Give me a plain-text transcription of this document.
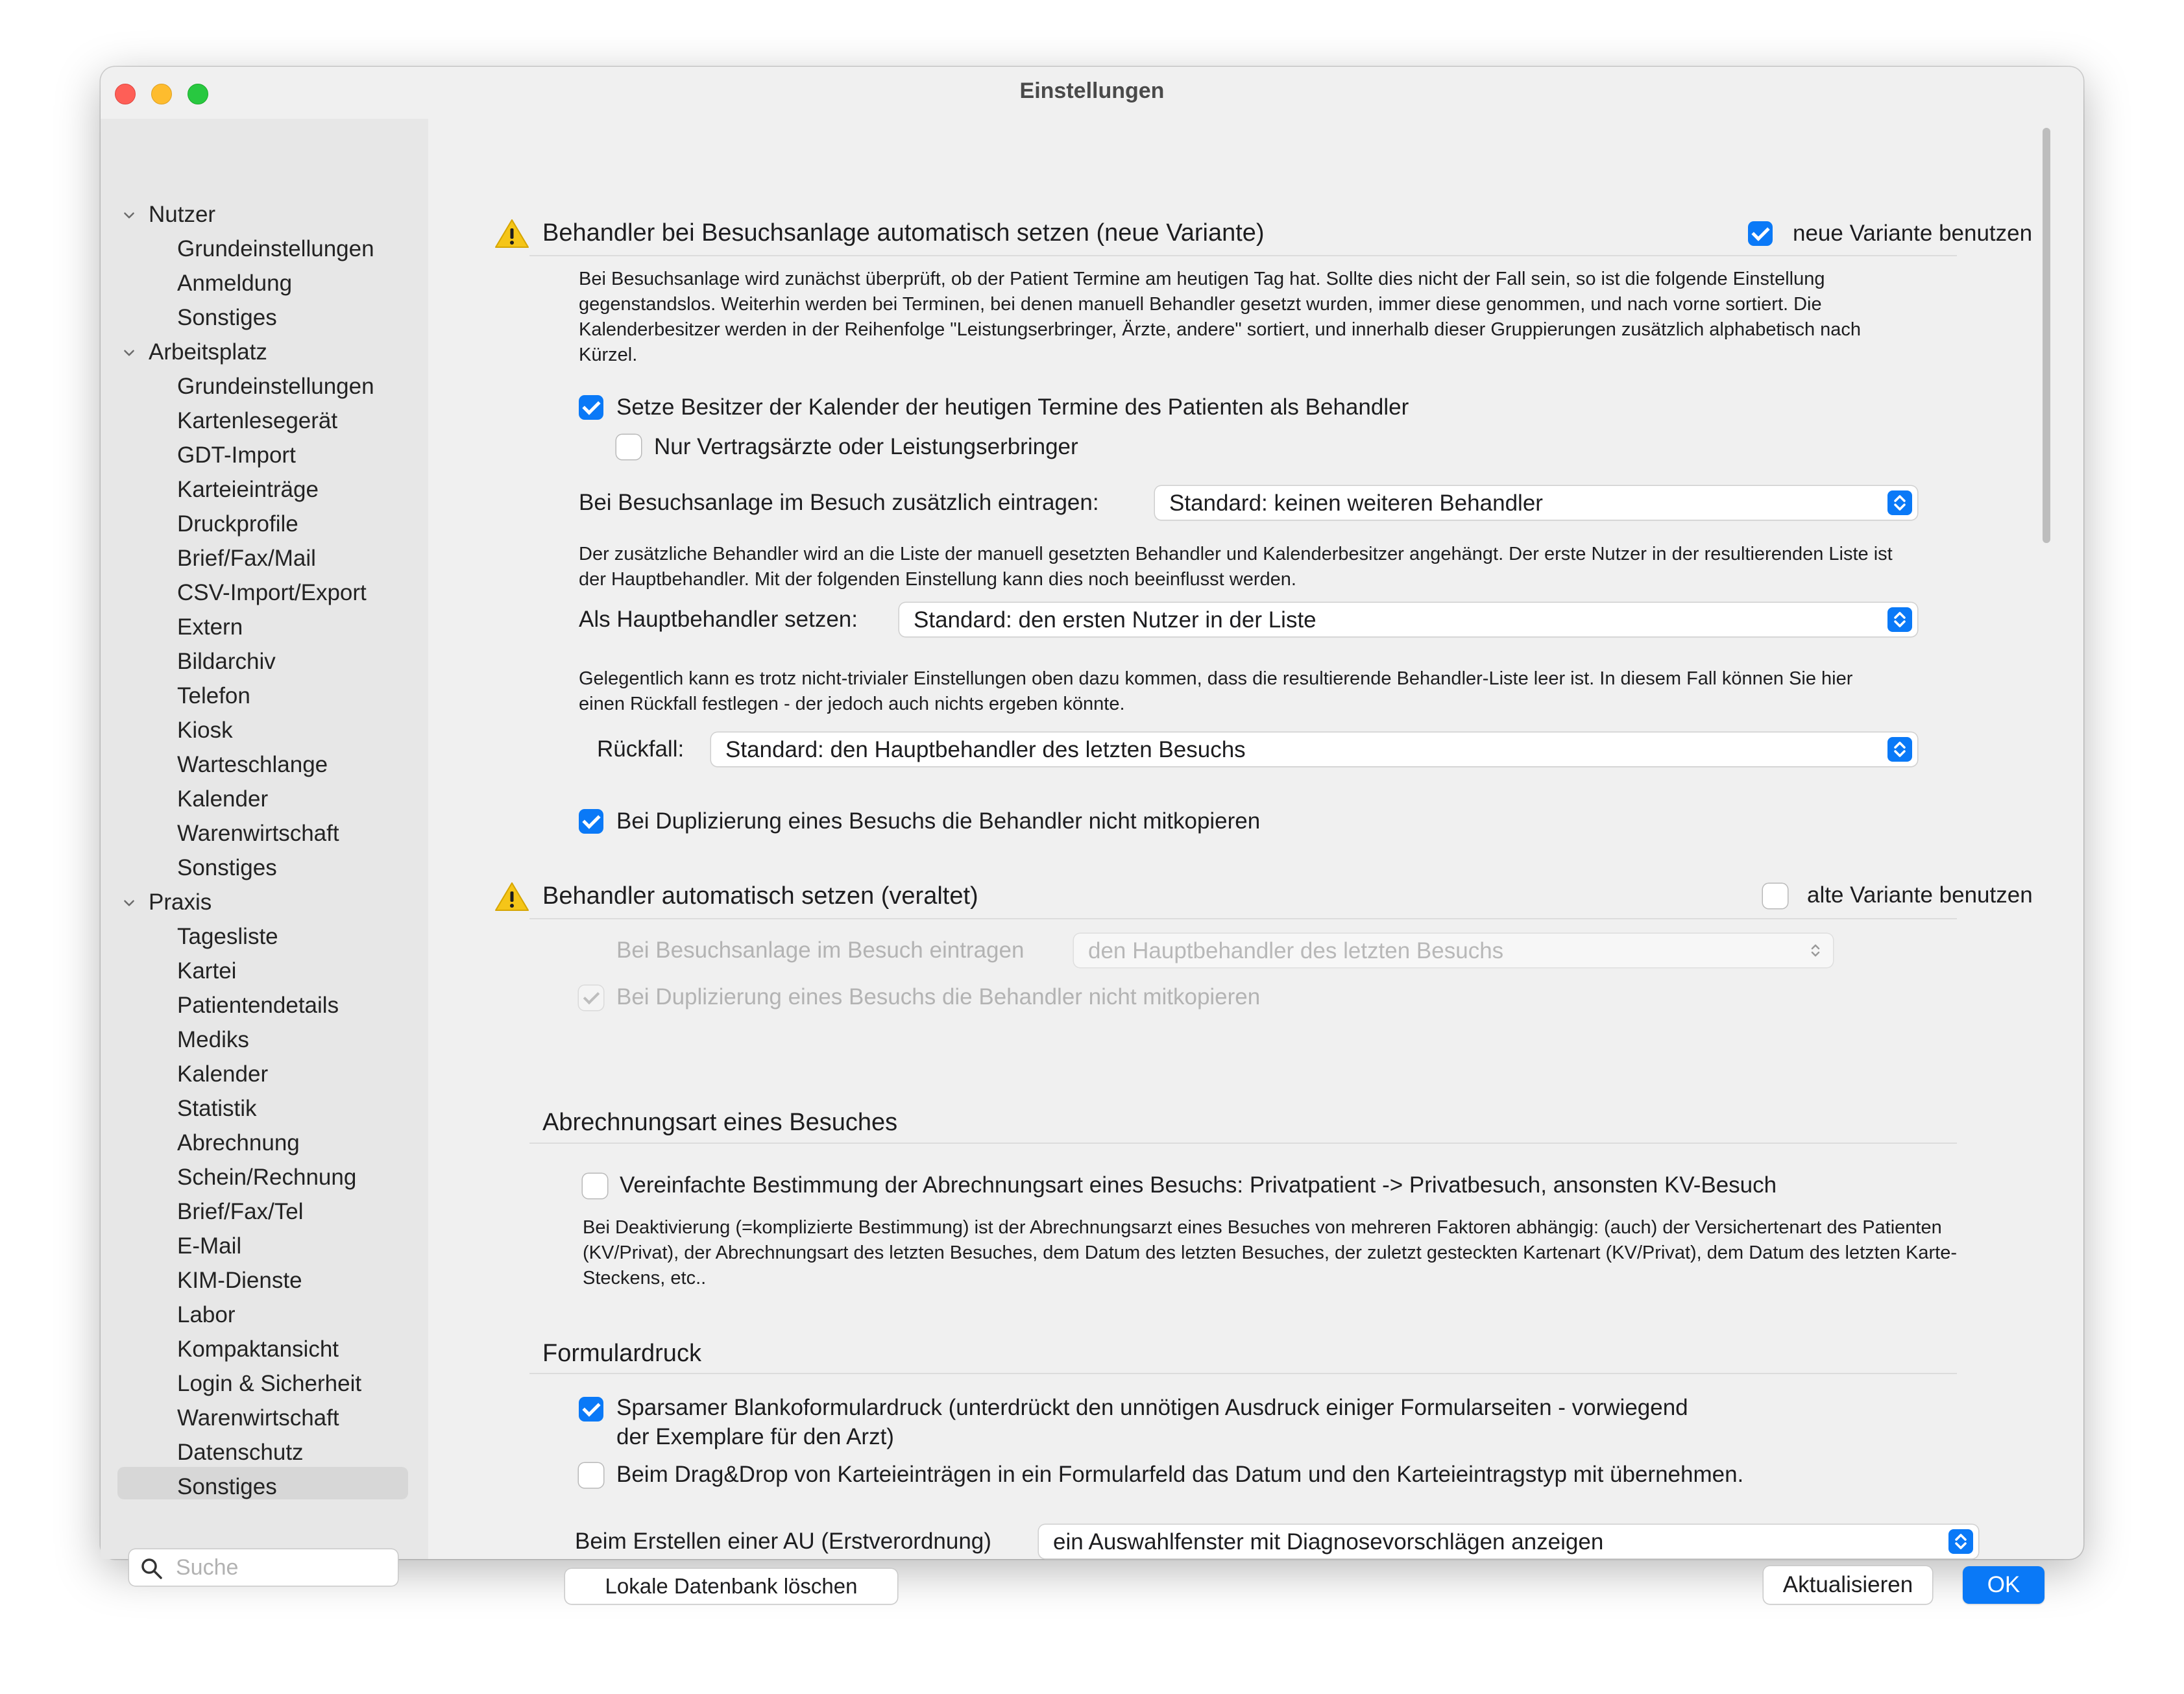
Einstellungen
Nutzer
Grundeinstellungen
Anmeldung
Sonstiges
Arbeitsplatz
Grundeinstellungen
Kartenlesegerät
GDT-Import
Karteieinträge
Druckprofile
Brief/Fax/Mail
CSV-Import/Export
Extern
Bildarchiv
Telefon
Kiosk
Warteschlange
Kalender
Warenwirtschaft
Sonstiges
Praxis
Tagesliste
Kartei
Patientendetails
Mediks
Kalender
Statistik
Abrechnung
Schein/Rechnung
Brief/Fax/Tel
E-Mail
KIM-Dienste
Labor
Kompaktansicht
Login & Sicherheit
Warenwirtschaft
Datenschutz
Sonstiges
Suche
Behandler bei Besuchsanlage automatisch setzen (neue Variante)	neue Variante benutzen
Bei Besuchsanlage wird zunächst überprüft, ob der Patient Termine am heutigen Tag hat. Sollte dies nicht der Fall sein, so ist die folgende Einstellung gegenstandslos. Weiterhin werden bei Terminen, bei denen manuell Behandler gesetzt wurden, immer diese genommen, und nach vorne sortiert. Die Kalenderbesitzer werden in der Reihenfolge "Leistungserbringer, Ärzte, andere" sortiert, und innerhalb dieser Gruppierungen zusätzlich alphabetisch nach Kürzel.
Setze Besitzer der Kalender der heutigen Termine des Patienten als Behandler
Nur Vertragsärzte oder Leistungserbringer
Bei Besuchsanlage im Besuch zusätzlich eintragen:	Standard: keinen weiteren Behandler
Der zusätzliche Behandler wird an die Liste der manuell gesetzten Behandler und Kalenderbesitzer angehängt. Der erste Nutzer in der resultierenden Liste ist der Hauptbehandler. Mit der folgenden Einstellung kann dies noch beeinflusst werden.
Als Hauptbehandler setzen: Standard: den ersten Nutzer in der Liste
Gelegentlich kann es trotz nicht-trivialer Einstellungen oben dazu kommen, dass die resultierende Behandler-Liste leer ist. In diesem Fall können Sie hier einen Rückfall festlegen - der jedoch auch nichts ergeben könnte.
Rückfall: Standard: den Hauptbehandler des letzten Besuchs
Bei Duplizierung eines Besuchs die Behandler nicht mitkopieren
Behandler automatisch setzen (veraltet)	alte Variante benutzen
Bei Besuchsanlage im Besuch eintragen	den Hauptbehandler des letzten Besuchs
Bei Duplizierung eines Besuchs die Behandler nicht mitkopieren
Abrechnungsart eines Besuches
Vereinfachte Bestimmung der Abrechnungsart eines Besuchs: Privatpatient -> Privatbesuch, ansonsten KV-Besuch
Bei Deaktivierung (=komplizierte Bestimmung) ist der Abrechnungsarzt eines Besuches von mehreren Faktoren abhängig: (auch) der Versichertenart des Patienten (KV/Privat), der Abrechnungsart des letzten Besuches, dem Datum des letzten Besuches, der zuletzt gesteckten Kartenart (KV/Privat), dem Datum des letzten Karte-Steckens, etc..
Formulardruck
Sparsamer Blankoformulardruck (unterdrückt den unnötigen Ausdruck einiger Formularseiten - vorwiegend
der Exemplare für den Arzt)
Beim Drag&Drop von Karteieinträgen in ein Formularfeld das Datum und den Karteieintragstyp mit übernehmen.
Beim Erstellen einer AU (Erstverordnung)	ein Auswahlfenster mit Diagnosevorschlägen anzeigen
Lokale Datenbank löschen	Aktualisieren	OK
